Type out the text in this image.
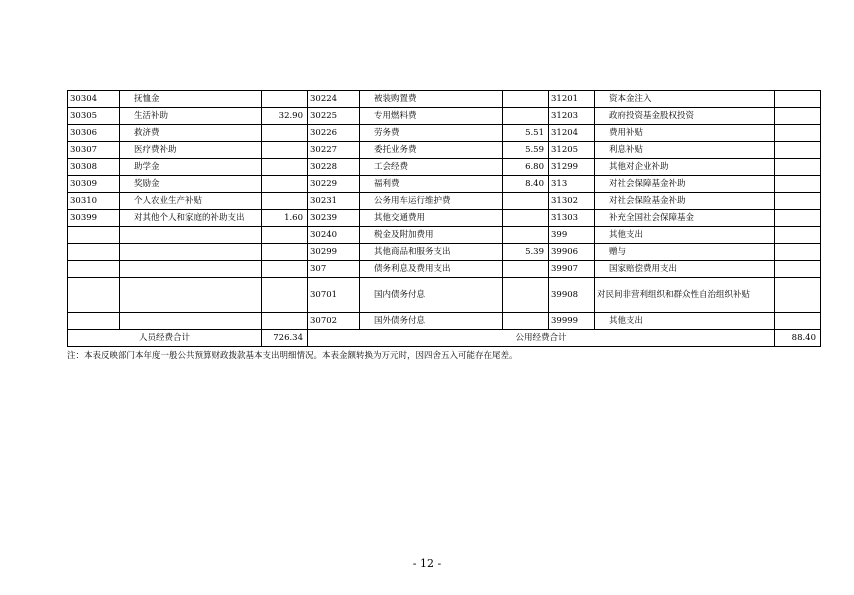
30304	抚恤金		30224	被装购置费		31201	资本金注入	
30305	生活补助	32.90	30225	专用燃料费		31203	政府投资基金股权投资	
30306	救济费		30226	劳务费	5.51	31204	费用补贴	
30307	医疗费补助		30227	委托业务费	5.59	31205	利息补贴	
30308	助学金		30228	工会经费	6.80	31299	其他对企业补助	
30309	奖励金		30229	福利费	8.40	313	对社会保障基金补助	
30310	个人农业生产补贴		30231	公务用车运行维护费		31302	对社会保险基金补助	
30399	对其他个人和家庭的补助支出	1.60	30239	其他交通费用		31303	补充全国社会保障基金	
			30240	税金及附加费用		399	其他支出	
			30299	其他商品和服务支出	5.39	39906	赠与	
			307	债务利息及费用支出		39907	国家赔偿费用支出	
			30701	国内债务付息		39908	对民间非营利组织和群众性自治组织补贴	
			30702	国外债务付息		39999	其他支出	
人员经费合计		726.34	公用经费合计					88.40
注：本表反映部门本年度一般公共预算财政拨款基本支出明细情况。本表金额转换为万元时，因四舍五入可能存在尾差。
- 12 -
